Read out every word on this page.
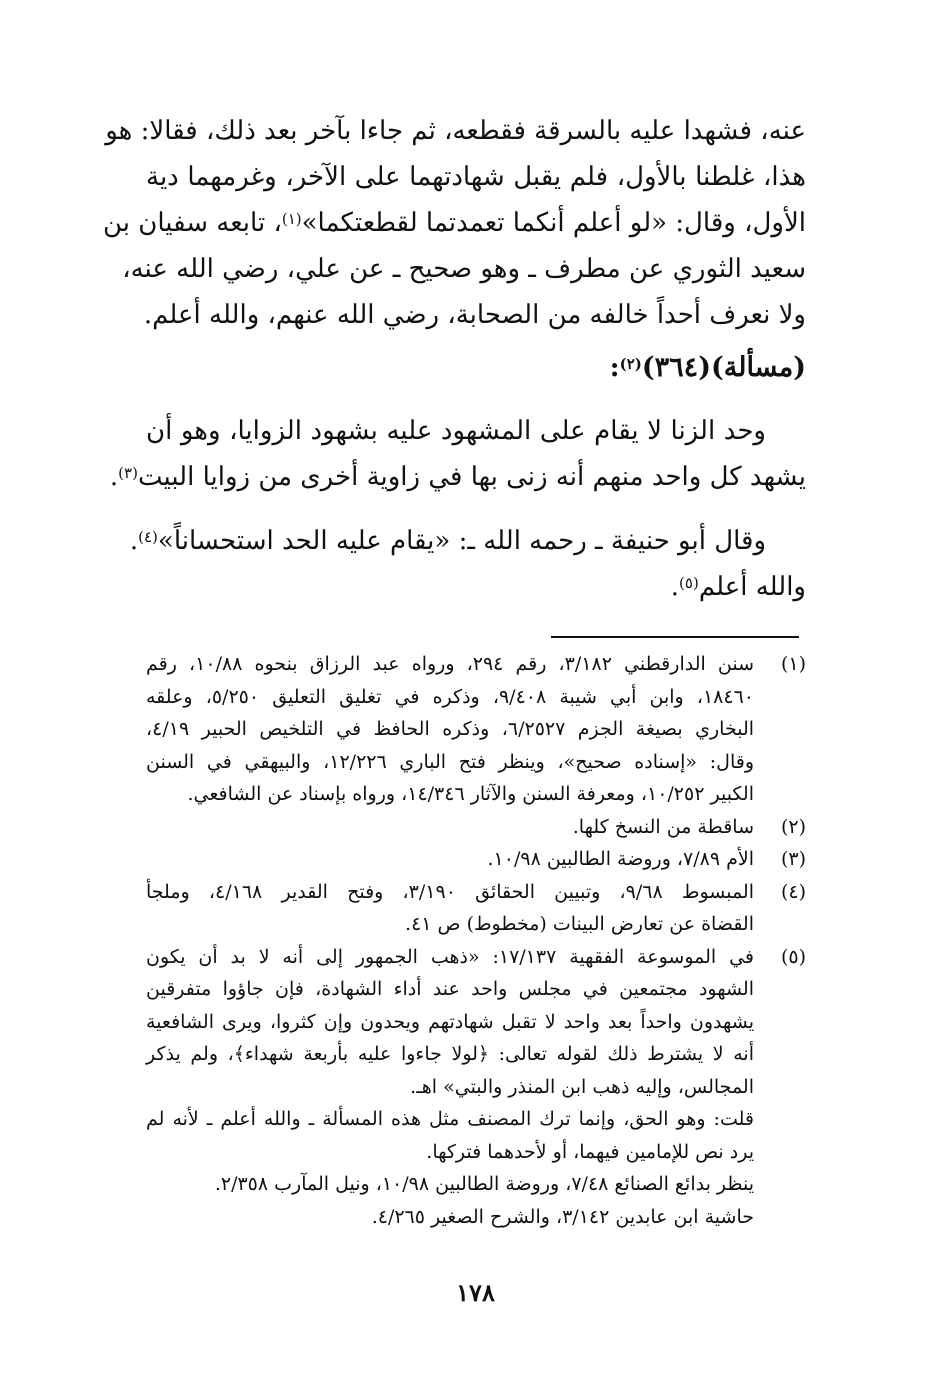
عنه، فشهدا عليه بالسرقة فقطعه، ثم جاءا بآخر بعد ذلك، فقالا: هو
هذا، غلطنا بالأول، فلم يقبل شهادتهما على الآخر، وغرمهما دية
الأول، وقال: «لو أعلم أنكما تعمدتما لقطعتكما»$^{(١)}$، تابعه سفيان بن
سعيد الثوري عن مطرف ـ وهو صحيح ـ عن علي، رضي الله عنه،
ولا نعرف أحداً خالفه من الصحابة، رضي الله عنهم، والله أعلم.
(مسألة)(٣٦٤)$^{(٢)}$:
وحد الزنا لا يقام على المشهود عليه بشهود الزوايا، وهو أن
يشهد كل واحد منهم أنه زنى بها في زاوية أخرى من زوايا البيت$^{(٣)}$.
وقال أبو حنيفة ـ رحمه الله ـ: «يقام عليه الحد استحساناً»$^{(٤)}$.
والله أعلم$^{(٥)}$.
(١)
سنن الدارقطني ٣/١٨٢، رقم ٢٩٤، ورواه عبد الرزاق بنحوه ١٠/٨٨، رقم
١٨٤٦٠، وابن أبي شيبة ٩/٤٠٨، وذكره في تغليق التعليق ٥/٢٥٠، وعلقه
البخاري بصيغة الجزم ٦/٢٥٢٧، وذكره الحافظ في التلخيص الحبير ٤/١٩،
وقال: «إسناده صحيح»، وينظر فتح الباري ١٢/٢٢٦، والبيهقي في السنن
الكبير ١٠/٢٥٢، ومعرفة السنن والآثار ١٤/٣٤٦، ورواه بإسناد عن الشافعي.
(٢)
ساقطة من النسخ كلها.
(٣)
الأم ٧/٨٩، وروضة الطالبين ١٠/٩٨.
(٤)
المبسوط ٩/٦٨، وتبيين الحقائق ٣/١٩٠، وفتح القدير ٤/١٦٨، وملجأ
القضاة عن تعارض البينات (مخطوط) ص ٤١.
(٥)
في الموسوعة الفقهية ١٧/١٣٧: «ذهب الجمهور إلى أنه لا بد أن يكون
الشهود مجتمعين في مجلس واحد عند أداء الشهادة، فإن جاؤوا متفرقين
يشهدون واحداً بعد واحد لا تقبل شهادتهم ويحدون وإن كثروا، ويرى الشافعية
أنه لا يشترط ذلك لقوله تعالى: ﴿لولا جاءوا عليه بأربعة شهداء﴾، ولم يذكر
المجالس، وإليه ذهب ابن المنذر والبتي» اهـ.
قلت: وهو الحق، وإنما ترك المصنف مثل هذه المسألة ـ والله أعلم ـ لأنه لم
يرد نص للإمامين فيهما، أو لأحدهما فتركها.
ينظر بدائع الصنائع ٧/٤٨، وروضة الطالبين ١٠/٩٨، ونيل المآرب ٢/٣٥٨.
حاشية ابن عابدين ٣/١٤٢، والشرح الصغير ٤/٢٦٥.
١٧٨
